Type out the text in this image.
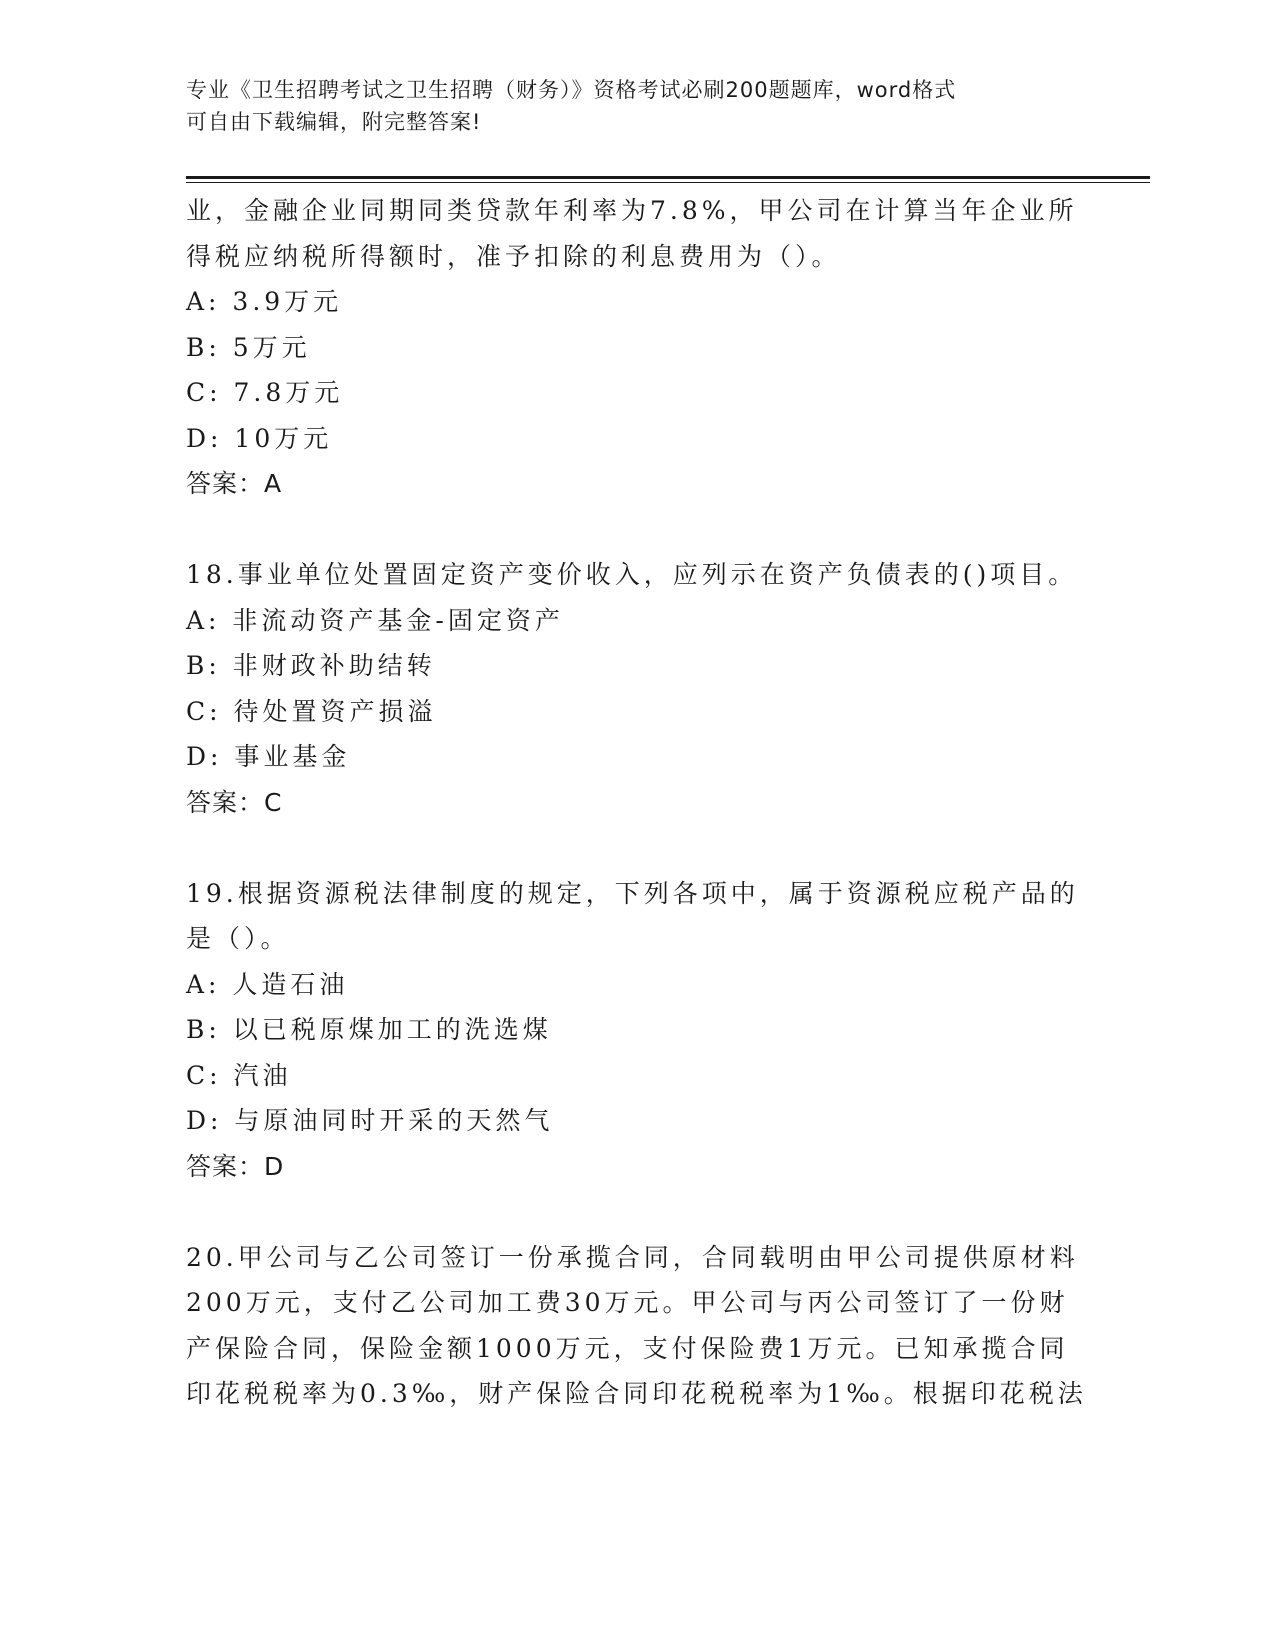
专业《卫生招聘考试之卫生招聘（财务）》资格考试必刷200题题库，word格式
可自由下载编辑，附完整答案!
业，金融企业同期同类贷款年利率为7.8%，甲公司在计算当年企业所
得税应纳税所得额时，准予扣除的利息费用为（）。
A: 3.9万元
B: 5万元
C: 7.8万元
D: 10万元
答案：A
18.事业单位处置固定资产变价收入，应列示在资产负债表的()项目。
A: 非流动资产基金-固定资产
B: 非财政补助结转
C: 待处置资产损溢
D: 事业基金
答案：C
19.根据资源税法律制度的规定，下列各项中，属于资源税应税产品的
是（）。
A: 人造石油
B: 以已税原煤加工的洗选煤
C: 汽油
D: 与原油同时开采的天然气
答案：D
20.甲公司与乙公司签订一份承揽合同，合同载明由甲公司提供原材料
200万元，支付乙公司加工费30万元。甲公司与丙公司签订了一份财
产保险合同，保险金额1000万元，支付保险费1万元。已知承揽合同
印花税税率为0.3‰，财产保险合同印花税税率为1‰。根据印花税法
